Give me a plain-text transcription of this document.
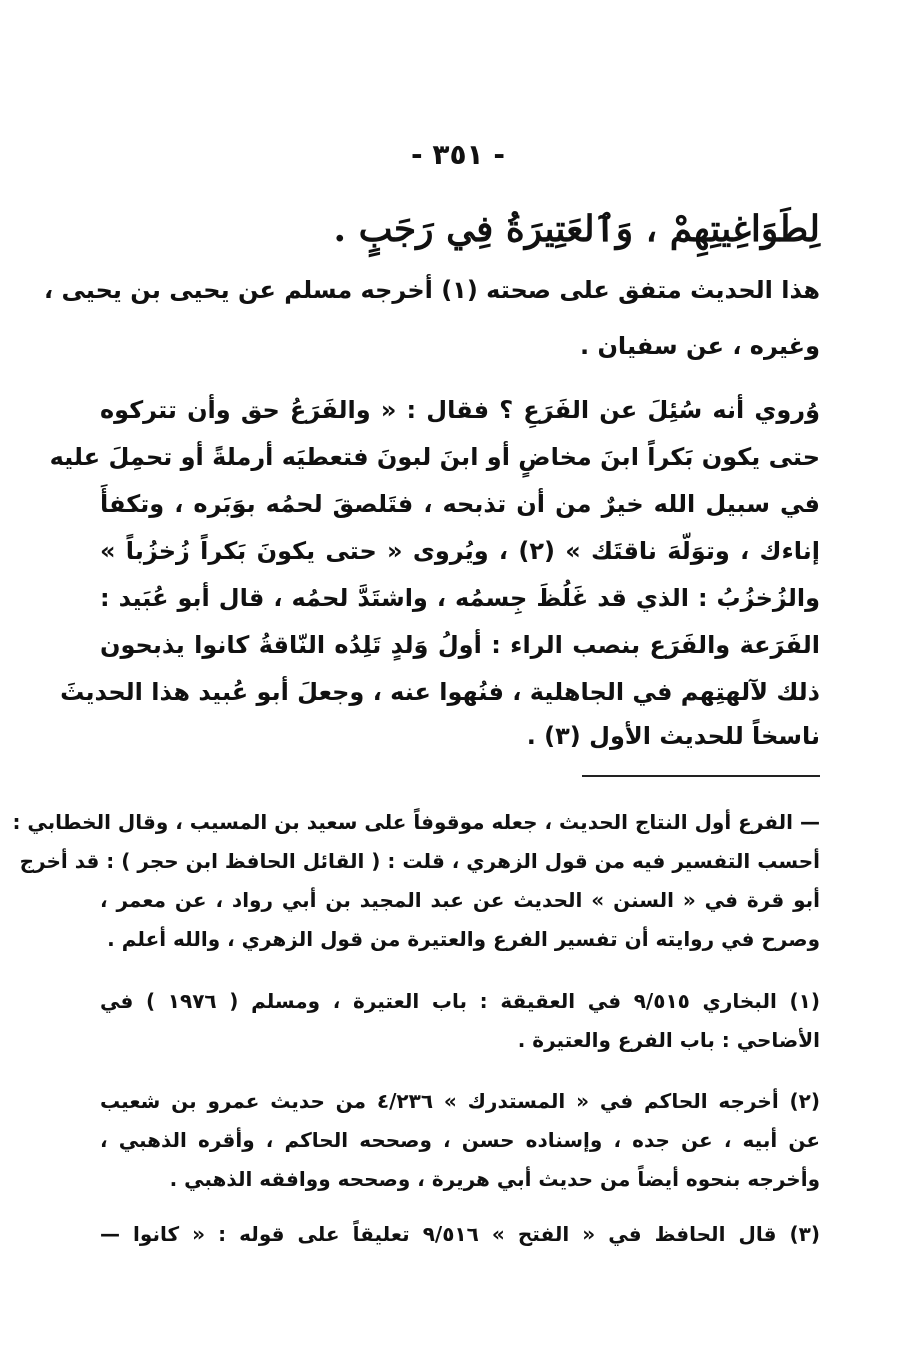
- ٣٥١ -
لِطَوَاغِيتِهِمْ ، وَٱلعَتِيرَةُ فِي رَجَبٍ .
هذا الحديث متفق على صحته (١) أخرجه مسلم عن يحيى بن يحيى ،
وغيره ، عن سفيان .
وُروي أنه سُئِلَ عن الفَرَعِ ؟ فقال : « والفَرَعُ حق وأن تتركوه
حتى يكون بَكراً ابنَ مخاضٍ أو ابنَ لبونَ فتعطيَه أرملةً أو تحمِلَ عليه
في سبيل الله خيرٌ من أن تذبحه ، فتَلصقَ لحمُه بوَبَره ، وتكفأَ
إناءك ، وتوَلّهَ ناقتَك » (٢) ، ويُروى « حتى يكونَ بَكراً زُخزُباً »
والزُخزُبُ : الذي قد غَلُظَ جِسمُه ، واشتَدَّ لحمُه ، قال أبو عُبَيد :
الفَرَعة والفَرَع بنصب الراء : أولُ وَلدٍ تَلِدُه النّاقةُ كانوا يذبحون
ذلك لآلهتِهم في الجاهلية ، فنُهوا عنه ، وجعلَ أبو عُبيد هذا الحديثَ
ناسخاً للحديث الأول (٣) .
— الفرع أول النتاج الحديث ، جعله موقوفاً على سعيد بن المسيب ، وقال الخطابي :
أحسب التفسير فيه من قول الزهري ، قلت : ( القائل الحافظ ابن حجر ) : قد أخرج
أبو قرة في « السنن » الحديث عن عبد المجيد بن أبي رواد ، عن معمر ،
وصرح في روايته أن تفسير الفرع والعتيرة من قول الزهري ، والله أعلم .
(١) البخاري ٩/٥١٥ في العقيقة : باب العتيرة ، ومسلم ( ١٩٧٦ ) في
الأضاحي : باب الفرع والعتيرة .
(٢) أخرجه الحاكم في « المستدرك » ٤/٢٣٦ من حديث عمرو بن شعيب
عن أبيه ، عن جده ، وإسناده حسن ، وصححه الحاكم ، وأقره الذهبي ،
وأخرجه بنحوه أيضاً من حديث أبي هريرة ، وصححه ووافقه الذهبي .
(٣) قال الحافظ في « الفتح » ٩/٥١٦ تعليقاً على قوله : « كانوا —
